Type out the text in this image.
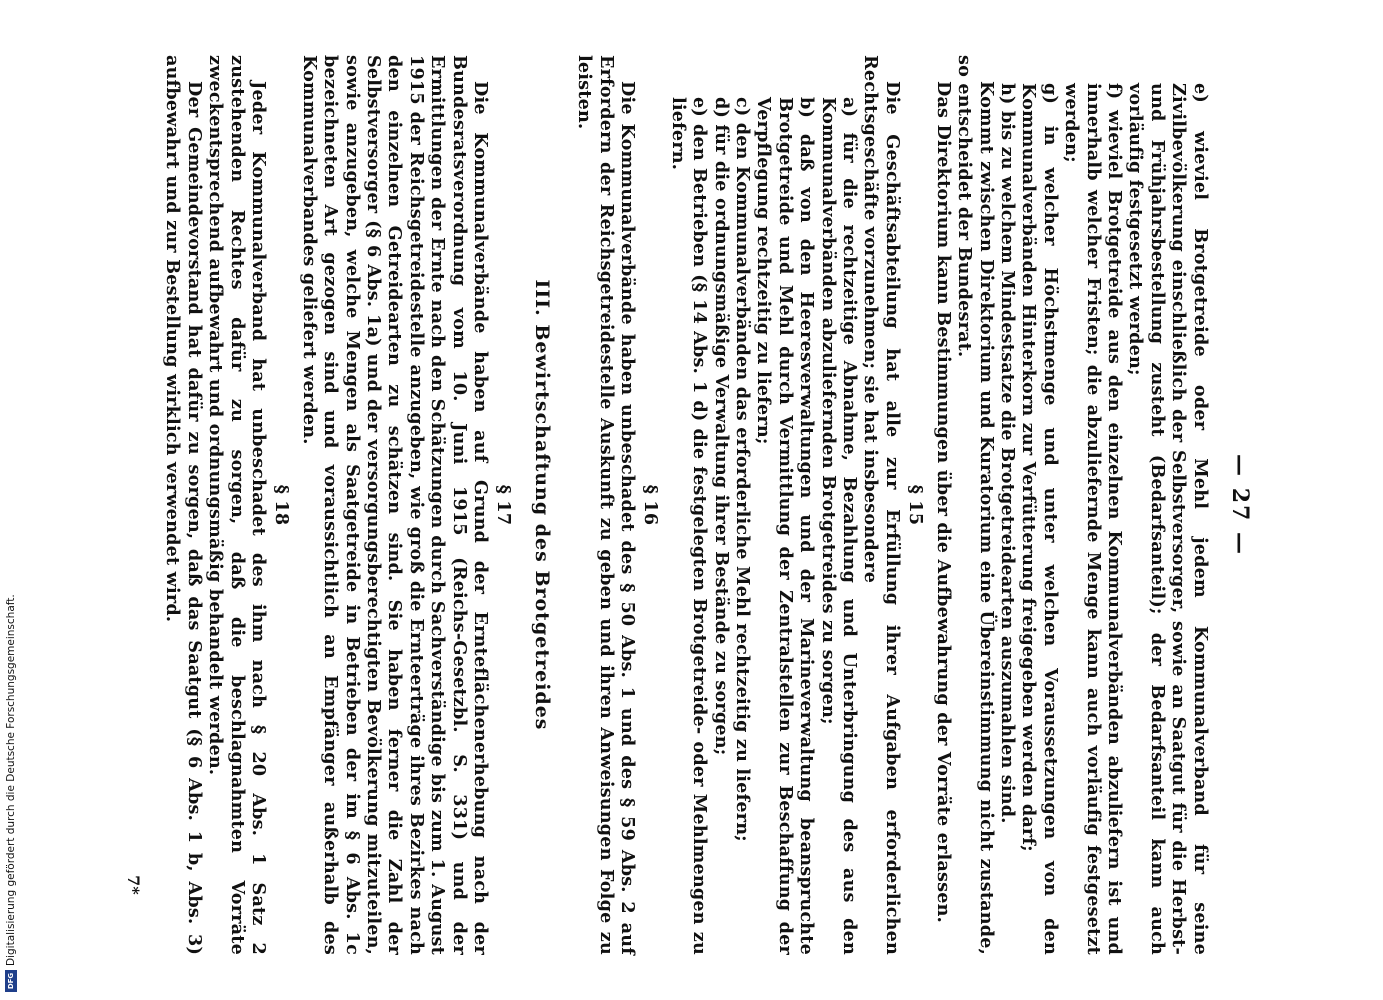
— 27 —

e) wieviel Brotgetreide oder Mehl jedem Kommunalverband für seine Zivilbevölkerung einschließlich der Selbstversorger, sowie an Saatgut für die Herbst- und Frühjahrsbestellung zusteht (Bedarfsanteil); der Bedarfsanteil kann auch vorläufig festgesetzt werden;

f) wieviel Brotgetreide aus den einzelnen Kommunalverbänden abzuliefern ist und innerhalb welcher Fristen; die abzuliefernde Menge kann auch vorläufig festgesetzt werden;

g) in welcher Höchstmenge und unter welchen Voraussetzungen von den Kommunalverbänden Hinterkorn zur Verfütterung freigegeben werden darf;

h) bis zu welchem Mindestsatze die Brotgetreidearten auszumahlen sind.

Kommt zwischen Direktorium und Kuratorium eine Übereinstimmung nicht zustande, so entscheidet der Bundesrat.

Das Direktorium kann Bestimmungen über die Aufbewahrung der Vorräte erlassen.

§ 15

Die Geschäftsabteilung hat alle zur Erfüllung ihrer Aufgaben erforderlichen Rechtsgeschäfte vorzunehmen; sie hat insbesondere

a) für die rechtzeitige Abnahme, Bezahlung und Unterbringung des aus den Kommunalverbänden abzuliefernden Brotgetreides zu sorgen;

b) daß von den Heeresverwaltungen und der Marineverwaltung beanspruchte Brotgetreide und Mehl durch Vermittlung der Zentralstellen zur Beschaffung der Verpflegung rechtzeitig zu liefern;

c) den Kommunalverbänden das erforderliche Mehl rechtzeitig zu liefern;

d) für die ordnungsmäßige Verwaltung ihrer Bestände zu sorgen;

e) den Betrieben (§ 14 Abs. 1 d) die festgelegten Brotgetreide- oder Mehlmengen zu liefern.

§ 16

Die Kommunalverbände haben unbeschadet des § 50 Abs. 1 und des § 59 Abs. 2 auf Erfordern der Reichsgetreidestelle Auskunft zu geben und ihren Anweisungen Folge zu leisten.

III. Bewirtschaftung des Brotgetreides
§ 17

Die Kommunalverbände haben auf Grund der Ernteflächenerhebung nach der Bundesratsverordnung vom 10. Juni 1915 (Reichs-Gesetzbl. S. 331) und der Ermittlungen der Ernte nach den Schätzungen durch Sachverständige bis zum 1. August 1915 der Reichsgetreidestelle anzugeben, wie groß die Ernteerträge ihres Bezirkes nach den einzelnen Getreidearten zu schätzen sind. Sie haben ferner die Zahl der Selbstversorger (§ 6 Abs. 1a) und der versorgungsberechtigten Bevölkerung mitzuteilen, sowie anzugeben, welche Mengen als Saatgetreide in Betrieben der im § 6 Abs. 1c bezeichneten Art gezogen sind und voraussichtlich an Empfänger außerhalb des Kommunalverbandes geliefert werden.

§ 18

Jeder Kommunalverband hat unbeschadet des ihm nach § 20 Abs. 1 Satz 2 zustehenden Rechtes dafür zu sorgen, daß die beschlagnahmten Vorräte zweckentsprechend aufbewahrt und ordnungsmäßig behandelt werden.

Der Gemeindevorstand hat dafür zu sorgen, daß das Saatgut (§ 6 Abs. 1 b, Abs. 3) aufbewahrt und zur Bestellung wirklich verwendet wird.

7*
DFG
Digitalisierung gefördert durch die Deutsche Forschungsgemeinschaft.
